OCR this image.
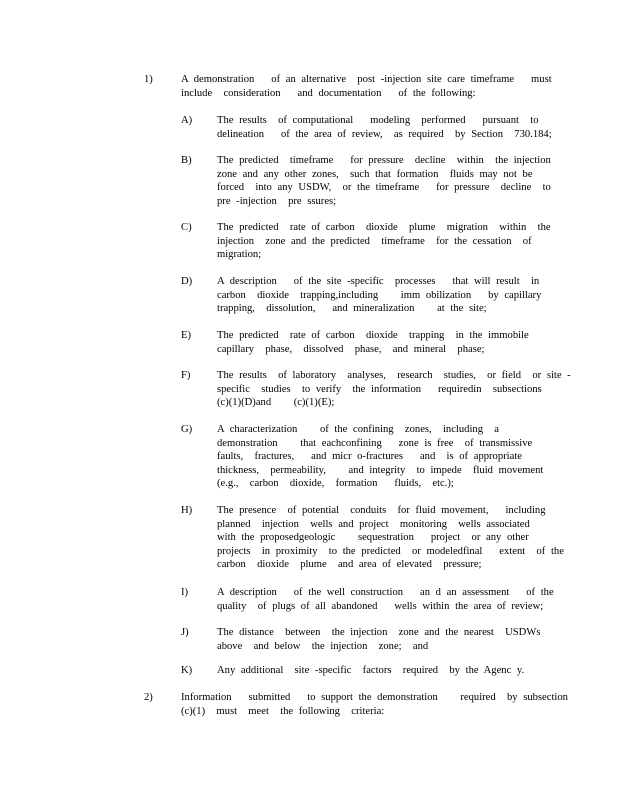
1)	A demonstration   of an alternative  post -injection site care timeframe   must
include  consideration   and documentation   of the following:
A)	The results  of computational   modeling  performed   pursuant  to
delineation   of the area of review,  as required  by Section  730.184;
B)	The predicted  timeframe   for pressure  decline  within  the injection
zone and any other zones,  such that formation  fluids may not be
forced  into any USDW,  or the timeframe   for pressure  decline  to
pre -injection  pre ssures;
C)	The predicted  rate of carbon  dioxide  plume  migration  within  the
injection  zone and the predicted  timeframe  for the cessation  of
migration;
D)	A description   of the site -specific  processes   that will result  in
carbon  dioxide  trapping,including    imm obilization   by capillary
trapping,  dissolution,   and mineralization    at the site;
E)	The predicted  rate of carbon  dioxide  trapping  in the immobile
capillary  phase,  dissolved  phase,  and mineral  phase;
F)	The results  of laboratory  analyses,  research  studies,  or field  or site -
specific  studies  to verify  the information   requiredin  subsections
(c)(1)(D)and    (c)(1)(E);
G)	A characterization    of the confining  zones,  including  a
demonstration    that eachconfining   zone is free  of transmissive
faults,  fractures,   and micr o-fractures   and  is of appropriate
thickness,  permeability,    and integrity  to impede  fluid movement
(e.g.,  carbon  dioxide,  formation   fluids,  etc.);
H)	The presence  of potential  conduits  for fluid movement,   including
planned  injection  wells and project  monitoring  wells associated
with the proposedgeologic    sequestration   project  or any other
projects  in proximity  to the predicted  or modeledfinal   extent  of the
carbon  dioxide  plume  and area of elevated  pressure;
I)	A description   of the well construction   an d an assessment   of the
quality  of plugs of all abandoned   wells within the area of review;
J)	The distance  between  the injection  zone and the nearest  USDWs
above  and below  the injection  zone;  and
K)	Any additional  site -specific  factors  required  by the Agenc y.
2)	Information   submitted   to support the demonstration    required  by subsection
(c)(1)  must  meet  the following  criteria:
